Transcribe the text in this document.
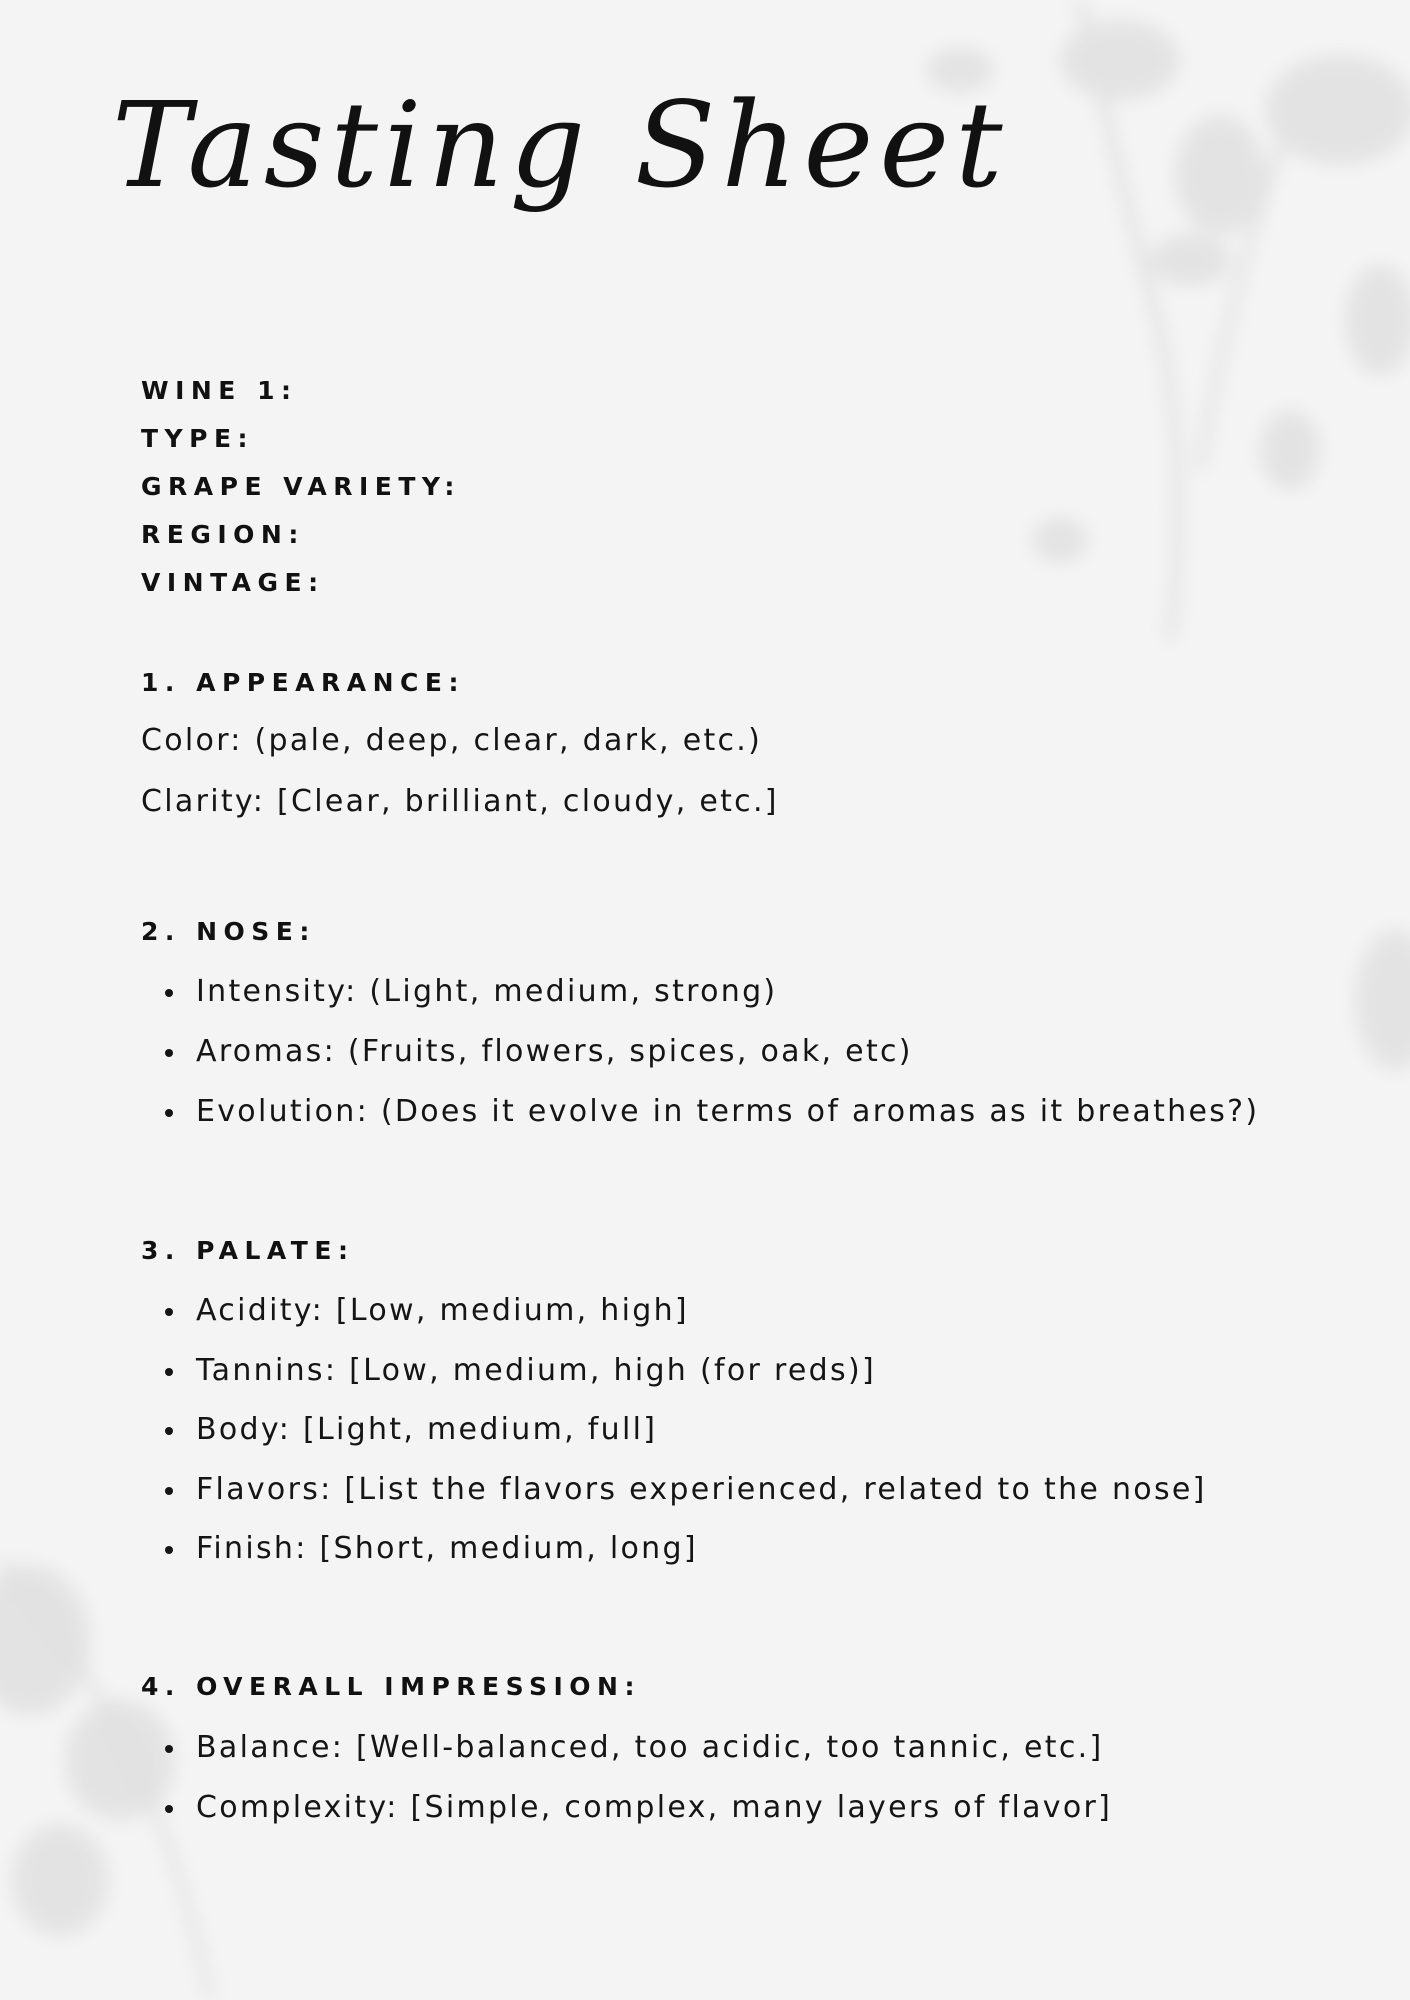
Tasting Sheet

WINE 1:

TYPE:

GRAPE VARIETY:

REGION:

VINTAGE:

1. APPEARANCE:

Color: (pale, deep, clear, dark, etc.)

Clarity: [Clear, brilliant, cloudy, etc.]

2. NOSE:

Intensity: (Light, medium, strong)

Aromas: (Fruits, flowers, spices, oak, etc)

Evolution: (Does it evolve in terms of aromas as it breathes?)

3. PALATE:

Acidity: [Low, medium, high]

Tannins: [Low, medium, high (for reds)]

Body: [Light, medium, full]

Flavors: [List the flavors experienced, related to the nose]

Finish: [Short, medium, long]

4. OVERALL IMPRESSION:

Balance: [Well-balanced, too acidic, too tannic, etc.]

Complexity: [Simple, complex, many layers of flavor]
